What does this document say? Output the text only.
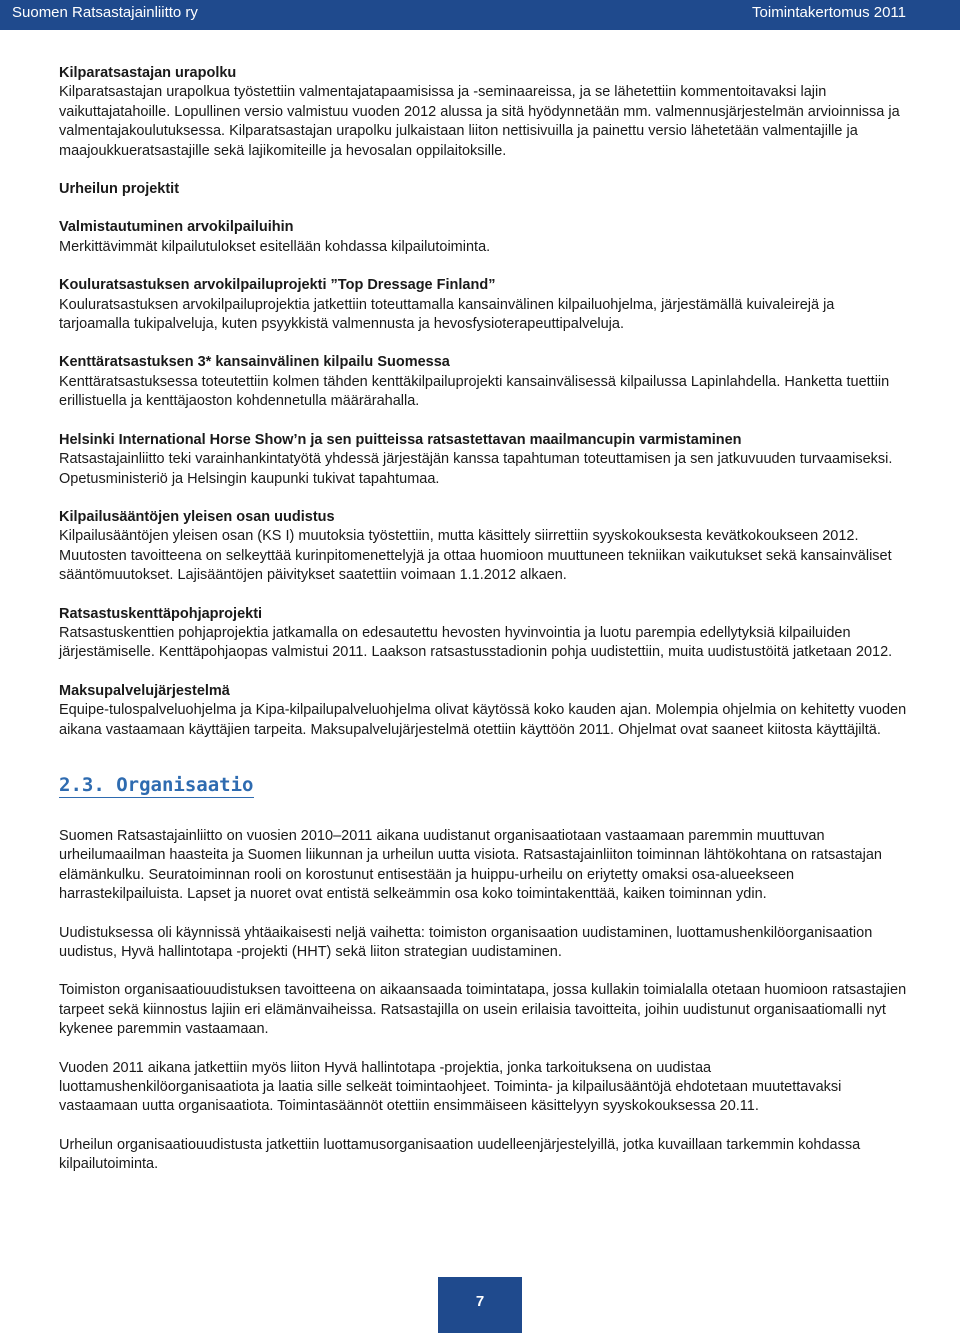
Suomen Ratsastajainliitto ry	Toimintakertomus 2011
Kilparatsastajan urapolku

Kilparatsastajan urapolkua työstettiin valmentajatapaamisissa ja -seminaareissa, ja se lähetettiin kommentoitavaksi lajin vaikuttajatahoille. Lopullinen versio valmistuu vuoden 2012 alussa ja sitä hyödynnetään mm. valmennusjärjestelmän arvioinnissa ja valmentajakoulutuksessa. Kilparatsastajan urapolku julkaistaan liiton nettisivuilla ja painettu versio lähetetään valmentajille ja maajoukkueratsastajille sekä lajikomiteille ja hevosalan oppilaitoksille.

Urheilun projektit
Valmistautuminen arvokilpailuihin

Merkittävimmät kilpailutulokset esitellään kohdassa kilpailutoiminta.

Kouluratsastuksen arvokilpailuprojekti ”Top Dressage Finland”

Kouluratsastuksen arvokilpailuprojektia jatkettiin toteuttamalla kansainvälinen kilpailuohjelma, järjestämällä kuivaleirejä ja tarjoamalla tukipalveluja, kuten psyykkistä valmennusta ja hevosfysioterapeuttipalveluja.

Kenttäratsastuksen 3* kansainvälinen kilpailu Suomessa

Kenttäratsastuksessa toteutettiin kolmen tähden kenttäkilpailuprojekti kansainvälisessä kilpailussa Lapinlahdella. Hanketta tuettiin erillistuella ja kenttäjaoston kohdennetulla määrärahalla.

Helsinki International Horse Show’n ja sen puitteissa ratsastettavan maailmancupin varmistaminen

Ratsastajainliitto teki varainhankintatyötä yhdessä järjestäjän kanssa tapahtuman toteuttamisen ja sen jatkuvuuden turvaamiseksi. Opetusministeriö ja Helsingin kaupunki tukivat tapahtumaa.

Kilpailusääntöjen yleisen osan uudistus

Kilpailusääntöjen yleisen osan (KS I) muutoksia työstettiin, mutta käsittely siirrettiin syyskokouksesta kevätkokoukseen 2012. Muutosten tavoitteena on selkeyttää kurinpitomenettelyjä ja ottaa huomioon muuttuneen tekniikan vaikutukset sekä kansainväliset sääntömuutokset. Lajisääntöjen päivitykset saatettiin voimaan 1.1.2012 alkaen.

Ratsastuskenttäpohjaprojekti

Ratsastuskenttien pohjaprojektia jatkamalla on edesautettu hevosten hyvinvointia ja luotu parempia edellytyksiä kilpailuiden järjestämiselle. Kenttäpohjaopas valmistui 2011. Laakson ratsastusstadionin pohja uudistettiin, muita uudistustöitä jatketaan 2012.

Maksupalvelujärjestelmä

Equipe-tulospalveluohjelma ja Kipa-kilpailupalveluohjelma olivat käytössä koko kauden ajan. Molempia ohjelmia on kehitetty vuoden aikana vastaamaan käyttäjien tarpeita. Maksupalvelujärjestelmä otettiin käyttöön 2011. Ohjelmat ovat saaneet kiitosta käyttäjiltä.

2.3. Organisaatio

Suomen Ratsastajainliitto on vuosien 2010–2011 aikana uudistanut organisaatiotaan vastaamaan paremmin muuttuvan urheilumaailman haasteita ja Suomen liikunnan ja urheilun uutta visiota. Ratsastajainliiton toiminnan lähtökohtana on ratsastajan elämänkulku. Seuratoiminnan rooli on korostunut entisestään ja huippu-urheilu on eriytetty omaksi osa-alueekseen harrastekilpailuista. Lapset ja nuoret ovat entistä selkeämmin osa koko toimintakenttää, kaiken toiminnan ydin.

Uudistuksessa oli käynnissä yhtäaikaisesti neljä vaihetta: toimiston organisaation uudistaminen, luottamushenkilöorganisaation uudistus, Hyvä hallintotapa -projekti (HHT) sekä liiton strategian uudistaminen.

Toimiston organisaatiouudistuksen tavoitteena on aikaansaada toimintatapa, jossa kullakin toimialalla otetaan huomioon ratsastajien tarpeet sekä kiinnostus lajiin eri elämänvaiheissa. Ratsastajilla on usein erilaisia tavoitteita, joihin uudistunut organisaatiomalli nyt kykenee paremmin vastaamaan.

Vuoden 2011 aikana jatkettiin myös liiton Hyvä hallintotapa -projektia, jonka tarkoituksena on uudistaa luottamushenkilöorganisaatiota ja laatia sille selkeät toimintaohjeet. Toiminta- ja kilpailusääntöjä ehdotetaan muutettavaksi vastaamaan uutta organisaatiota. Toimintasäännöt otettiin ensimmäiseen käsittelyyn syyskokouksessa 20.11.

Urheilun organisaatiouudistusta jatkettiin luottamusorganisaation uudelleenjärjestelyillä, jotka kuvaillaan tarkemmin kohdassa kilpailutoiminta.

7
